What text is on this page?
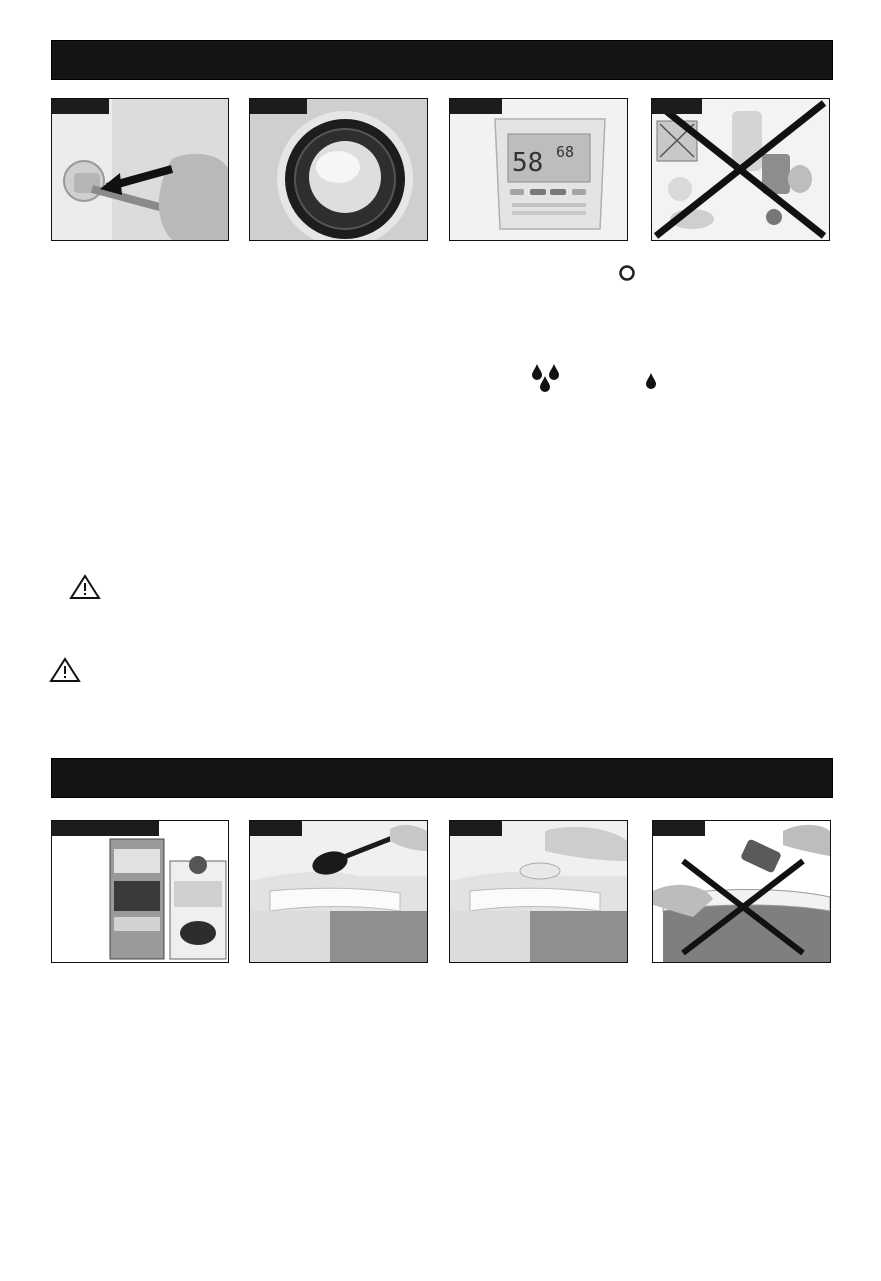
58 68
